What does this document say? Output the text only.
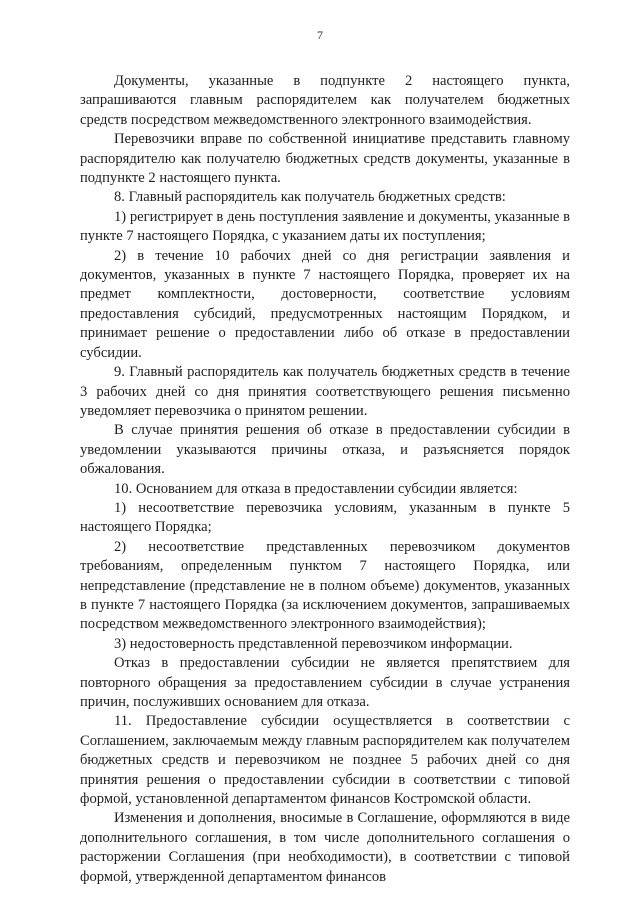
7

Документы, указанные в подпункте 2 настоящего пункта, запрашиваются главным распорядителем как получателем бюджетных средств посредством межведомственного электронного взаимодействия.

Перевозчики вправе по собственной инициативе представить главному распорядителю как получателю бюджетных средств документы, указанные в подпункте 2 настоящего пункта.

8. Главный распорядитель как получатель бюджетных средств:

1) регистрирует в день поступления заявление и документы, указанные в пункте 7 настоящего Порядка, с указанием даты их поступления;

2) в течение 10 рабочих дней со дня регистрации заявления и документов, указанных в пункте 7 настоящего Порядка, проверяет их на предмет комплектности, достоверности, соответствие условиям предоставления субсидий, предусмотренных настоящим Порядком, и принимает решение о предоставлении либо об отказе в предоставлении субсидии.

9. Главный распорядитель как получатель бюджетных средств в течение 3 рабочих дней со дня принятия соответствующего решения письменно уведомляет перевозчика о принятом решении.

В случае принятия решения об отказе в предоставлении субсидии в уведомлении указываются причины отказа, и разъясняется порядок обжалования.

10. Основанием для отказа в предоставлении субсидии является:

1) несоответствие перевозчика условиям, указанным в пункте 5 настоящего Порядка;

2) несоответствие представленных перевозчиком документов требованиям, определенным пунктом 7 настоящего Порядка, или непредставление (представление не в полном объеме) документов, указанных в пункте 7 настоящего Порядка (за исключением документов, запрашиваемых посредством межведомственного электронного взаимодействия);

3) недостоверность представленной перевозчиком информации.

Отказ в предоставлении субсидии не является препятствием для повторного обращения за предоставлением субсидии в случае устранения причин, послуживших основанием для отказа.

11. Предоставление субсидии осуществляется в соответствии с Соглашением, заключаемым между главным распорядителем как получателем бюджетных средств и перевозчиком не позднее 5 рабочих дней со дня принятия решения о предоставлении субсидии в соответствии с типовой формой, установленной департаментом финансов Костромской области.

Изменения и дополнения, вносимые в Соглашение, оформляются в виде дополнительного соглашения, в том числе дополнительного соглашения о расторжении Соглашения (при необходимости), в соответствии с типовой формой, утвержденной департаментом финансов
